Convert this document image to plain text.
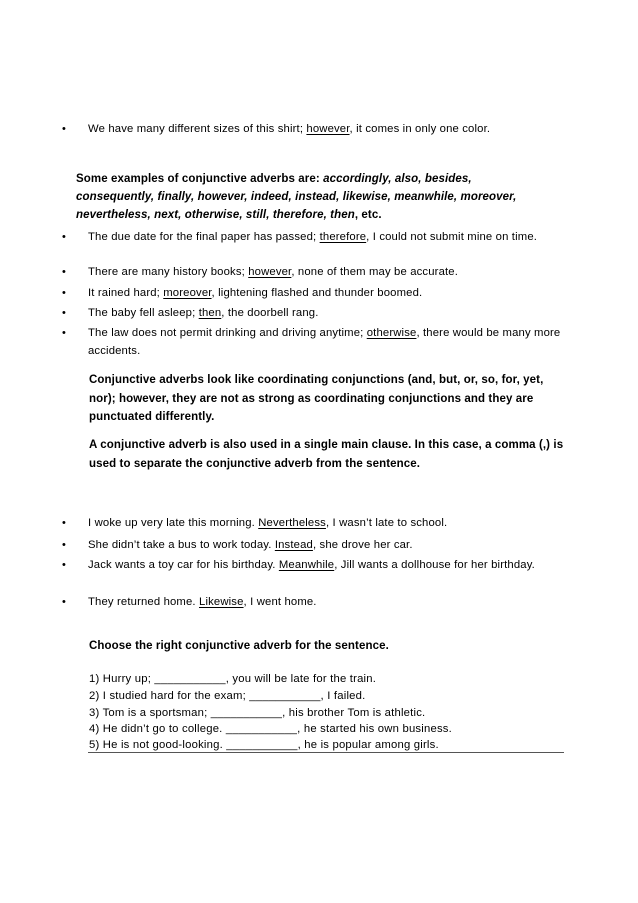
• We have many different sizes of this shirt; however, it comes in only one color.
Some examples of conjunctive adverbs are: accordingly, also, besides, consequently, finally, however, indeed, instead, likewise, meanwhile, moreover, nevertheless, next, otherwise, still, therefore, then, etc.
• The due date for the final paper has passed; therefore, I could not submit mine on time.
• There are many history books; however, none of them may be accurate.
• It rained hard; moreover, lightening flashed and thunder boomed.
• The baby fell asleep; then, the doorbell rang.
• The law does not permit drinking and driving anytime; otherwise, there would be many more accidents.
Conjunctive adverbs look like coordinating conjunctions (and, but, or, so, for, yet, nor); however, they are not as strong as coordinating conjunctions and they are punctuated differently.
A conjunctive adverb is also used in a single main clause. In this case, a comma (,) is used to separate the conjunctive adverb from the sentence.
• I woke up very late this morning. Nevertheless, I wasn’t late to school.
• She didn’t take a bus to work today. Instead, she drove her car.
• Jack wants a toy car for his birthday. Meanwhile, Jill wants a dollhouse for her birthday.
• They returned home. Likewise, I went home.
Choose the right conjunctive adverb for the sentence.
1) Hurry up; ___________, you will be late for the train.
2) I studied hard for the exam; ___________, I failed.
3) Tom is a sportsman; ___________, his brother Tom is athletic.
4) He didn’t go to college. ___________, he started his own business.
5) He is not good-looking. ___________, he is popular among girls.
